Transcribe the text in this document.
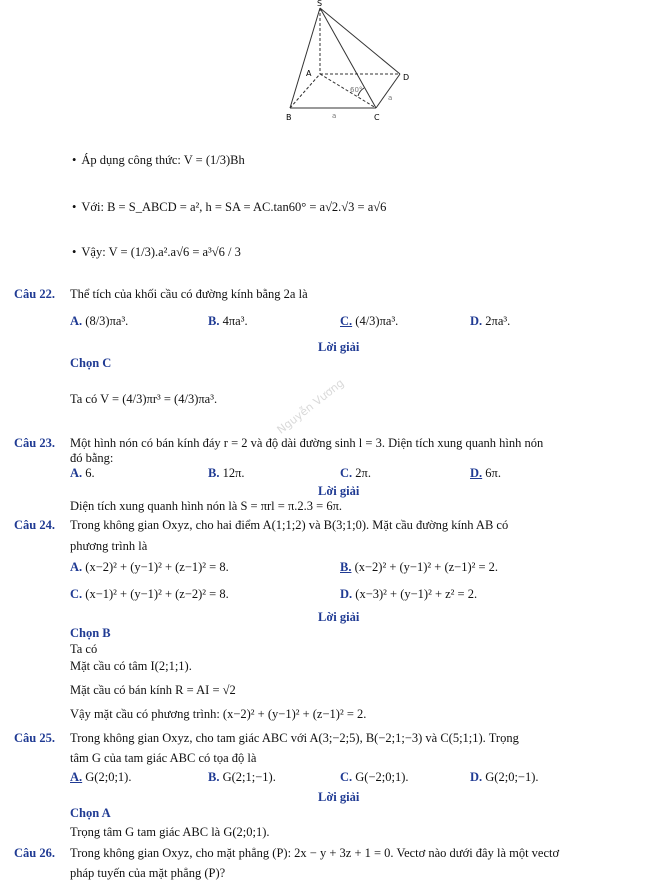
S
A
B	C
D
60°
a
a
• Áp dụng công thức: V = (1/3)Bh
• Với: B = S_ABCD = a², h = SA = AC.tan60° = a√2.√3 = a√6
• Vậy: V = (1/3).a².a√6 = a³√6 / 3
Câu 22. Thể tích của khối cầu có đường kính bằng 2a là
A. (8/3)πa³.	B. 4πa³.	C. (4/3)πa³.	D. 2πa³.
Lời giải
Chọn C
Ta có V = (4/3)πr³ = (4/3)πa³.	Nguyễn Vương
Câu 23. Một hình nón có bán kính đáy r = 2 và độ dài đường sinh l = 3. Diện tích xung quanh hình nón
đó bằng:
A. 6.	B. 12π.	C. 2π.	D. 6π.
Lời giải
Diện tích xung quanh hình nón là S = πrl = π.2.3 = 6π.
Câu 24. Trong không gian Oxyz, cho hai điểm A(1;1;2) và B(3;1;0). Mặt cầu đường kính AB có
phương trình là
A. (x−2)² + (y−1)² + (z−1)² = 8.	B. (x−2)² + (y−1)² + (z−1)² = 2.
C. (x−1)² + (y−1)² + (z−2)² = 8.	D. (x−3)² + (y−1)² + z² = 2.
Lời giải
Chọn B
Ta có
Mặt cầu có tâm I(2;1;1).
Mặt cầu có bán kính R = AI = √2
Vậy mặt cầu có phương trình: (x−2)² + (y−1)² + (z−1)² = 2.
Câu 25. Trong không gian Oxyz, cho tam giác ABC với A(3;−2;5), B(−2;1;−3) và C(5;1;1). Trọng
tâm G của tam giác ABC có tọa độ là
A. G(2;0;1).	B. G(2;1;−1).	C. G(−2;0;1).	D. G(2;0;−1).
Lời giải
Chọn A
Trọng tâm G tam giác ABC là G(2;0;1).
Câu 26. Trong không gian Oxyz, cho mặt phẳng (P): 2x − y + 3z + 1 = 0. Vectơ nào dưới đây là một vectơ
pháp tuyến của mặt phẳng (P)?
